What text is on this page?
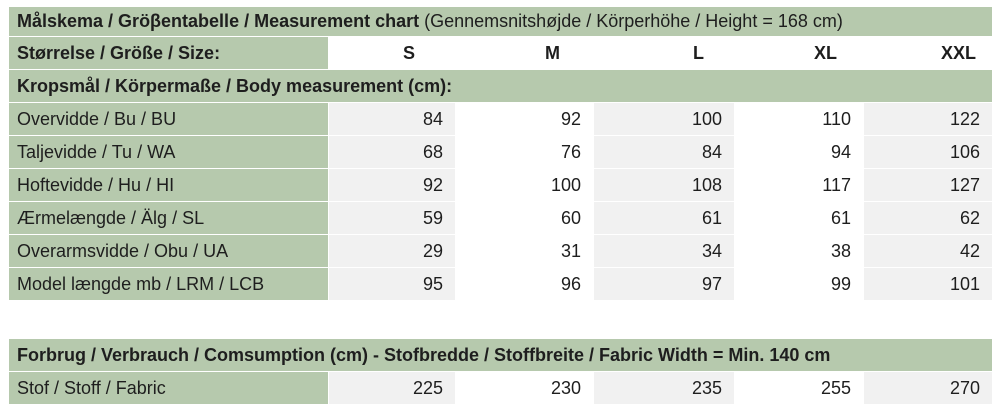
Målskema / Gröβentabelle / Measurement chart (Gennemsnitshøjde / Körperhöhe / Height = 168 cm)					
Størrelse / Größe / Size:	S	M	L	XL	XXL
Kropsmål / Körpermaße / Body measurement (cm):					
Overvidde / Bu / BU	84	92	100	110	122
Taljevidde / Tu / WA	68	76	84	94	106
Hoftevidde / Hu / HI	92	100	108	117	127
Ærmelængde / Älg / SL	59	60	61	61	62
Overarmsvidde / Obu / UA	29	31	34	38	42
Model længde mb / LRM / LCB	95	96	97	99	101
Forbrug / Verbrauch / Comsumption (cm) - Stofbredde / Stoffbreite / Fabric Width = Min. 140 cm
Stof / Stoff / Fabric	225	230	235	255	270
